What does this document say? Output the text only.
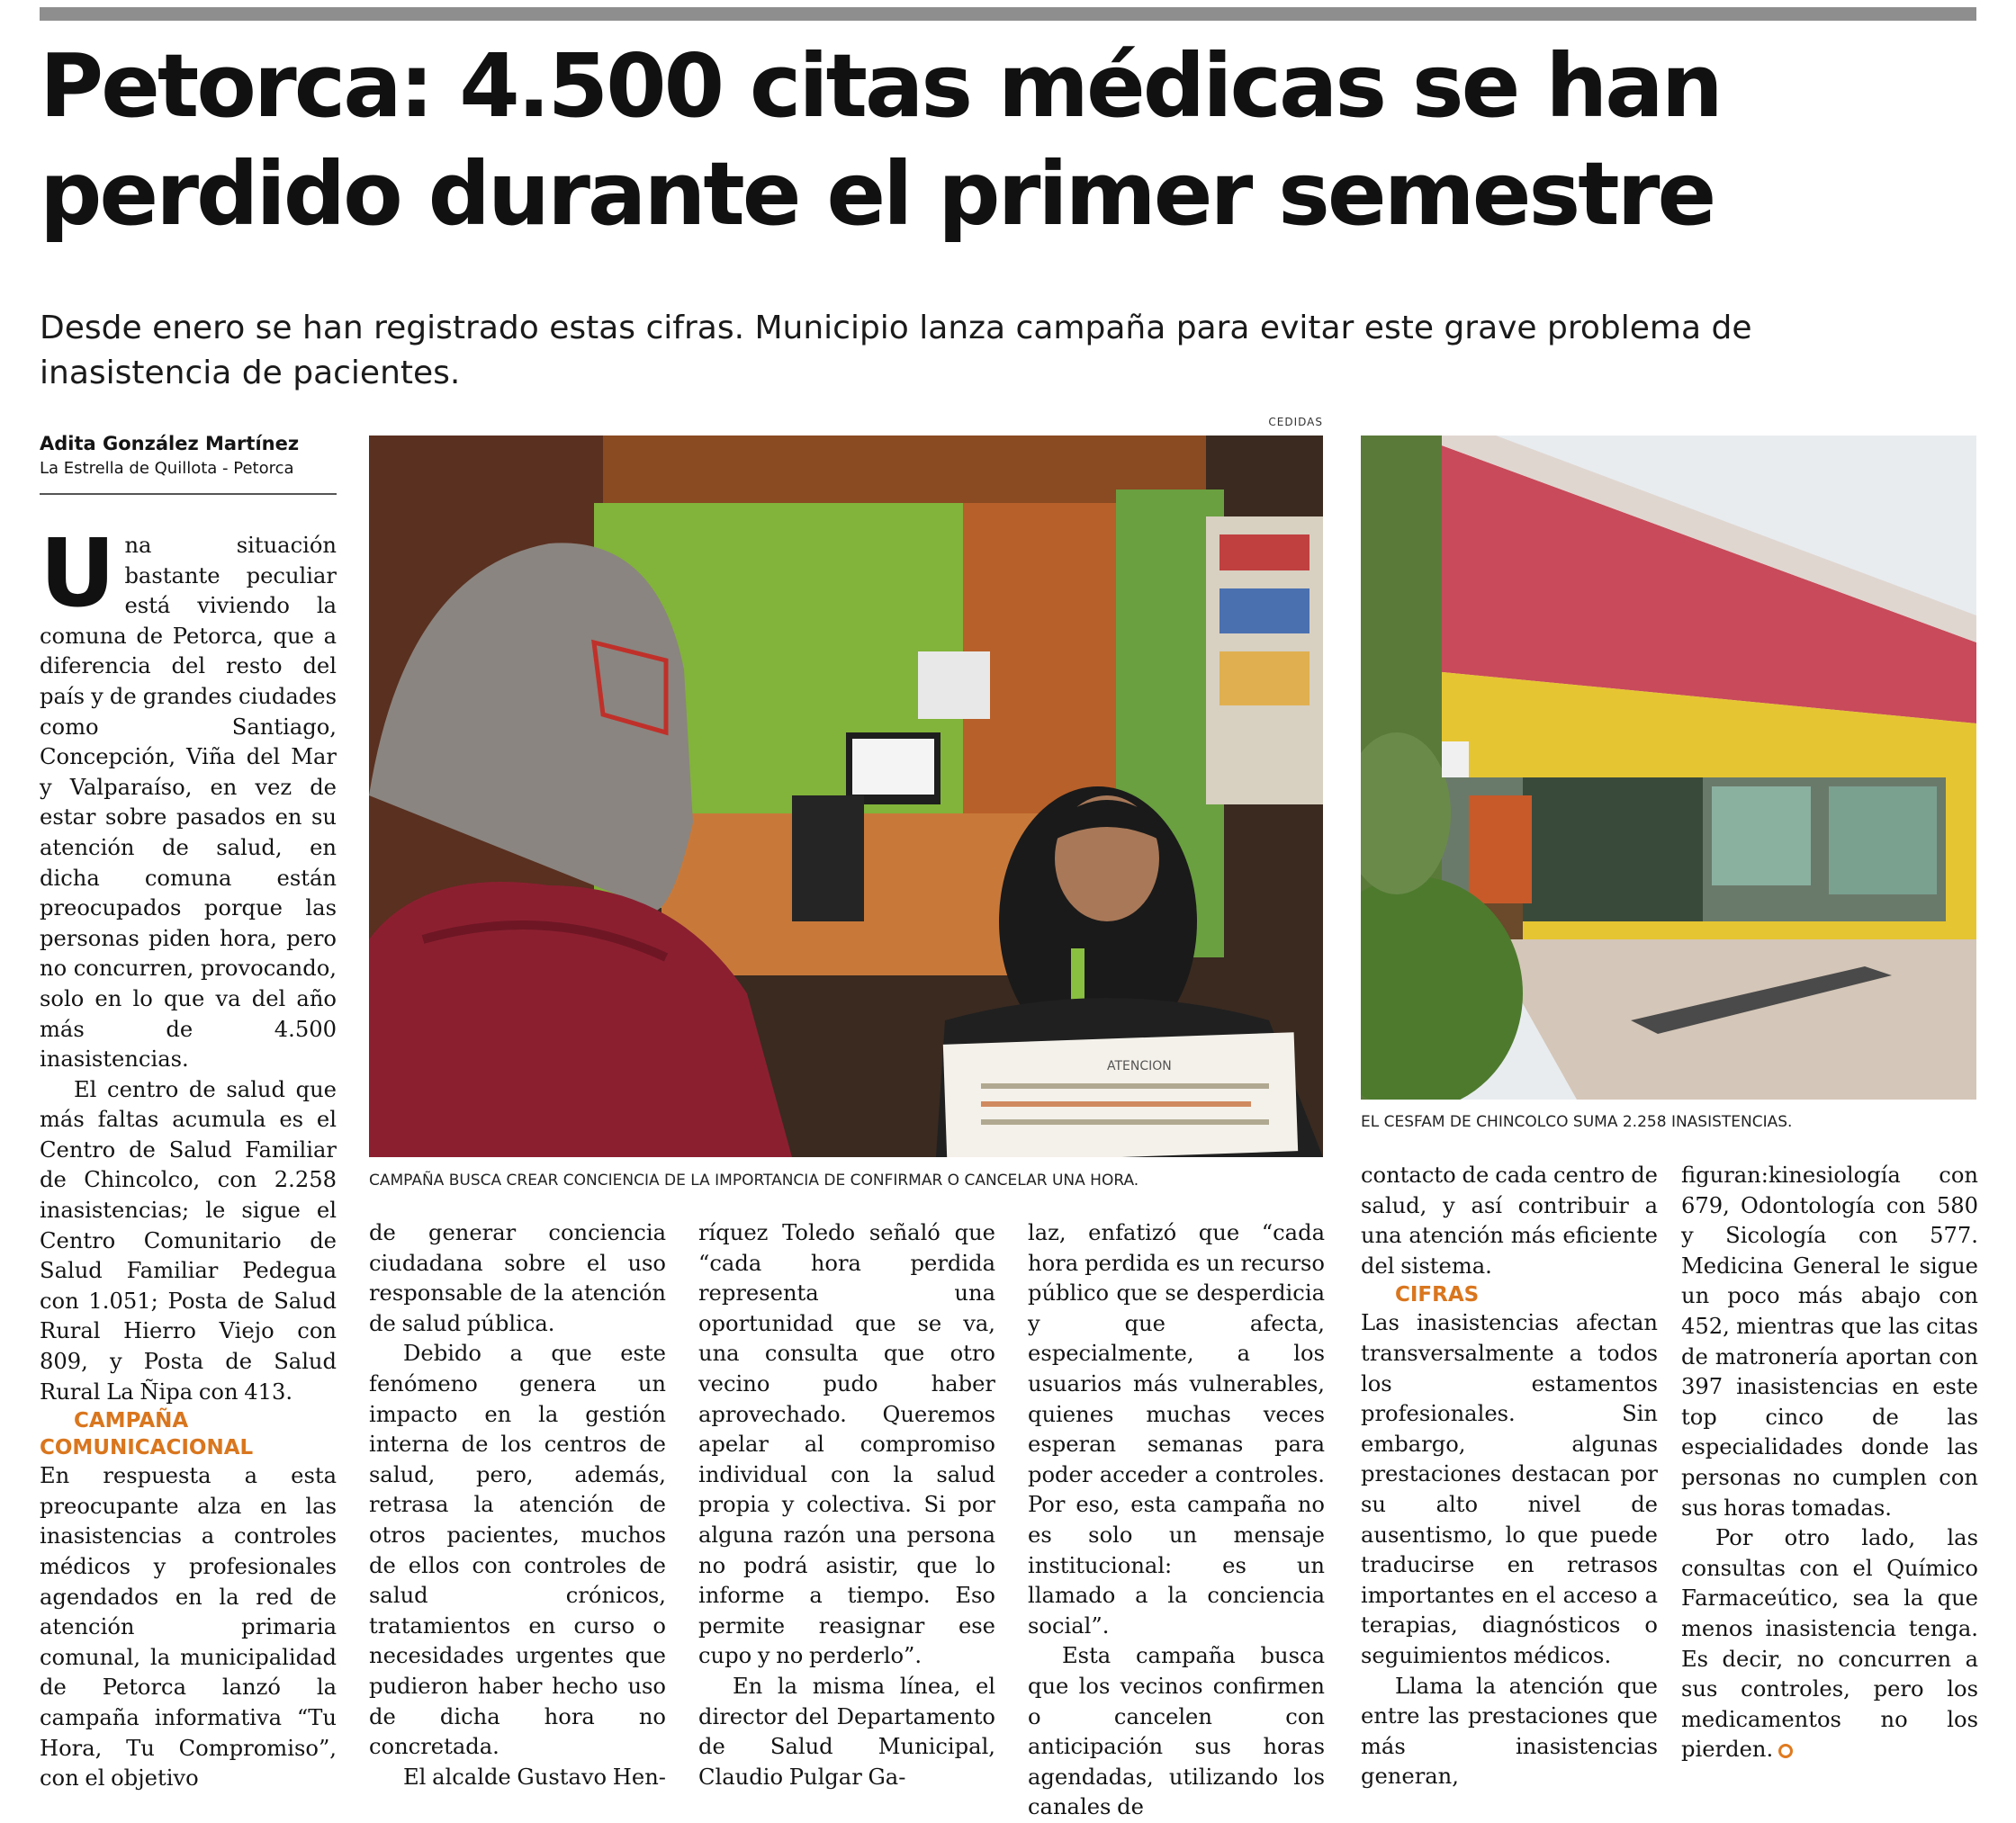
Petorca: 4.500 citas médicas se han perdido durante el primer semestre

Desde enero se han registrado estas cifras. Municipio lanza campaña para evitar este grave problema de inasistencia de pacientes.

Adita González Martínez
La Estrella de Quillota - Petorca
CEDIDAS
ATENCION
EL CESFAM DE CHINCOLCO SUMA 2.258 INASISTENCIAS.
CAMPAÑA BUSCA CREAR CONCIENCIA DE LA IMPORTANCIA DE CONFIRMAR O CANCELAR UNA HORA.
U na situación bastante peculiar está viviendo la comuna de Petorca, que a diferencia del resto del país y de grandes ciudades como Santiago, Concepción, Viña del Mar y Valparaíso, en vez de estar sobre pasados en su atención de salud, en dicha comuna están preocupados porque las personas piden hora, pero no concurren, provocando, solo en lo que va del año más de 4.500 inasistencias.

El centro de salud que más faltas acumula es el Centro de Salud Familiar de Chincolco, con 2.258 inasistencias; le sigue el Centro Comunitario de Salud Familiar Pedegua con 1.051; Posta de Salud Rural Hierro Viejo con 809, y Posta de Salud Rural La Ñipa con 413.

CAMPAÑA COMUNICACIONAL

En respuesta a esta preocupante alza en las inasistencias a controles médicos y profesionales agendados en la red de atención primaria comunal, la municipalidad de Petorca lanzó la campaña informativa “Tu Hora, Tu Compromiso”, con el objetivo

de generar conciencia ciudadana sobre el uso responsable de la atención de salud pública.

Debido a que este fenómeno genera un impacto en la gestión interna de los centros de salud, pero, además, retrasa la atención de otros pacientes, muchos de ellos con controles de salud crónicos, tratamientos en curso o necesidades urgentes que pudieron haber hecho uso de dicha hora no concretada.

El alcalde Gustavo Hen-

ríquez Toledo señaló que “cada hora perdida representa una oportunidad que se va, una consulta que otro vecino pudo haber aprovechado. Queremos apelar al compromiso individual con la salud propia y colectiva. Si por alguna razón una persona no podrá asistir, que lo informe a tiempo. Eso permite reasignar ese cupo y no perderlo”.

En la misma línea, el director del Departamento de Salud Municipal, Claudio Pulgar Ga-

laz, enfatizó que “cada hora perdida es un recurso público que se desperdicia y que afecta, especialmente, a los usuarios más vulnerables, quienes muchas veces esperan semanas para poder acceder a controles. Por eso, esta campaña no es solo un mensaje institucional: es un llamado a la conciencia social”.

Esta campaña busca que los vecinos confirmen o cancelen con anticipación sus horas agendadas, utilizando los canales de

contacto de cada centro de salud, y así contribuir a una atención más eficiente del sistema.

CIFRAS

Las inasistencias afectan transversalmente a todos los estamentos profesionales. Sin embargo, algunas prestaciones destacan por su alto nivel de ausentismo, lo que puede traducirse en retrasos importantes en el acceso a terapias, diagnósticos o seguimientos médicos.

Llama la atención que entre las prestaciones que más inasistencias generan,

figuran:kinesiología con 679, Odontología con 580 y Sicología con 577. Medicina General le sigue un poco más abajo con 452, mientras que las citas de matronería aportan con 397 inasistencias en este top cinco de las especialidades donde las personas no cumplen con sus horas tomadas.

Por otro lado, las consultas con el Químico Farmaceútico, sea la que menos inasistencia tenga. Es decir, no concurren a sus controles, pero los medicamentos no los pierden.
